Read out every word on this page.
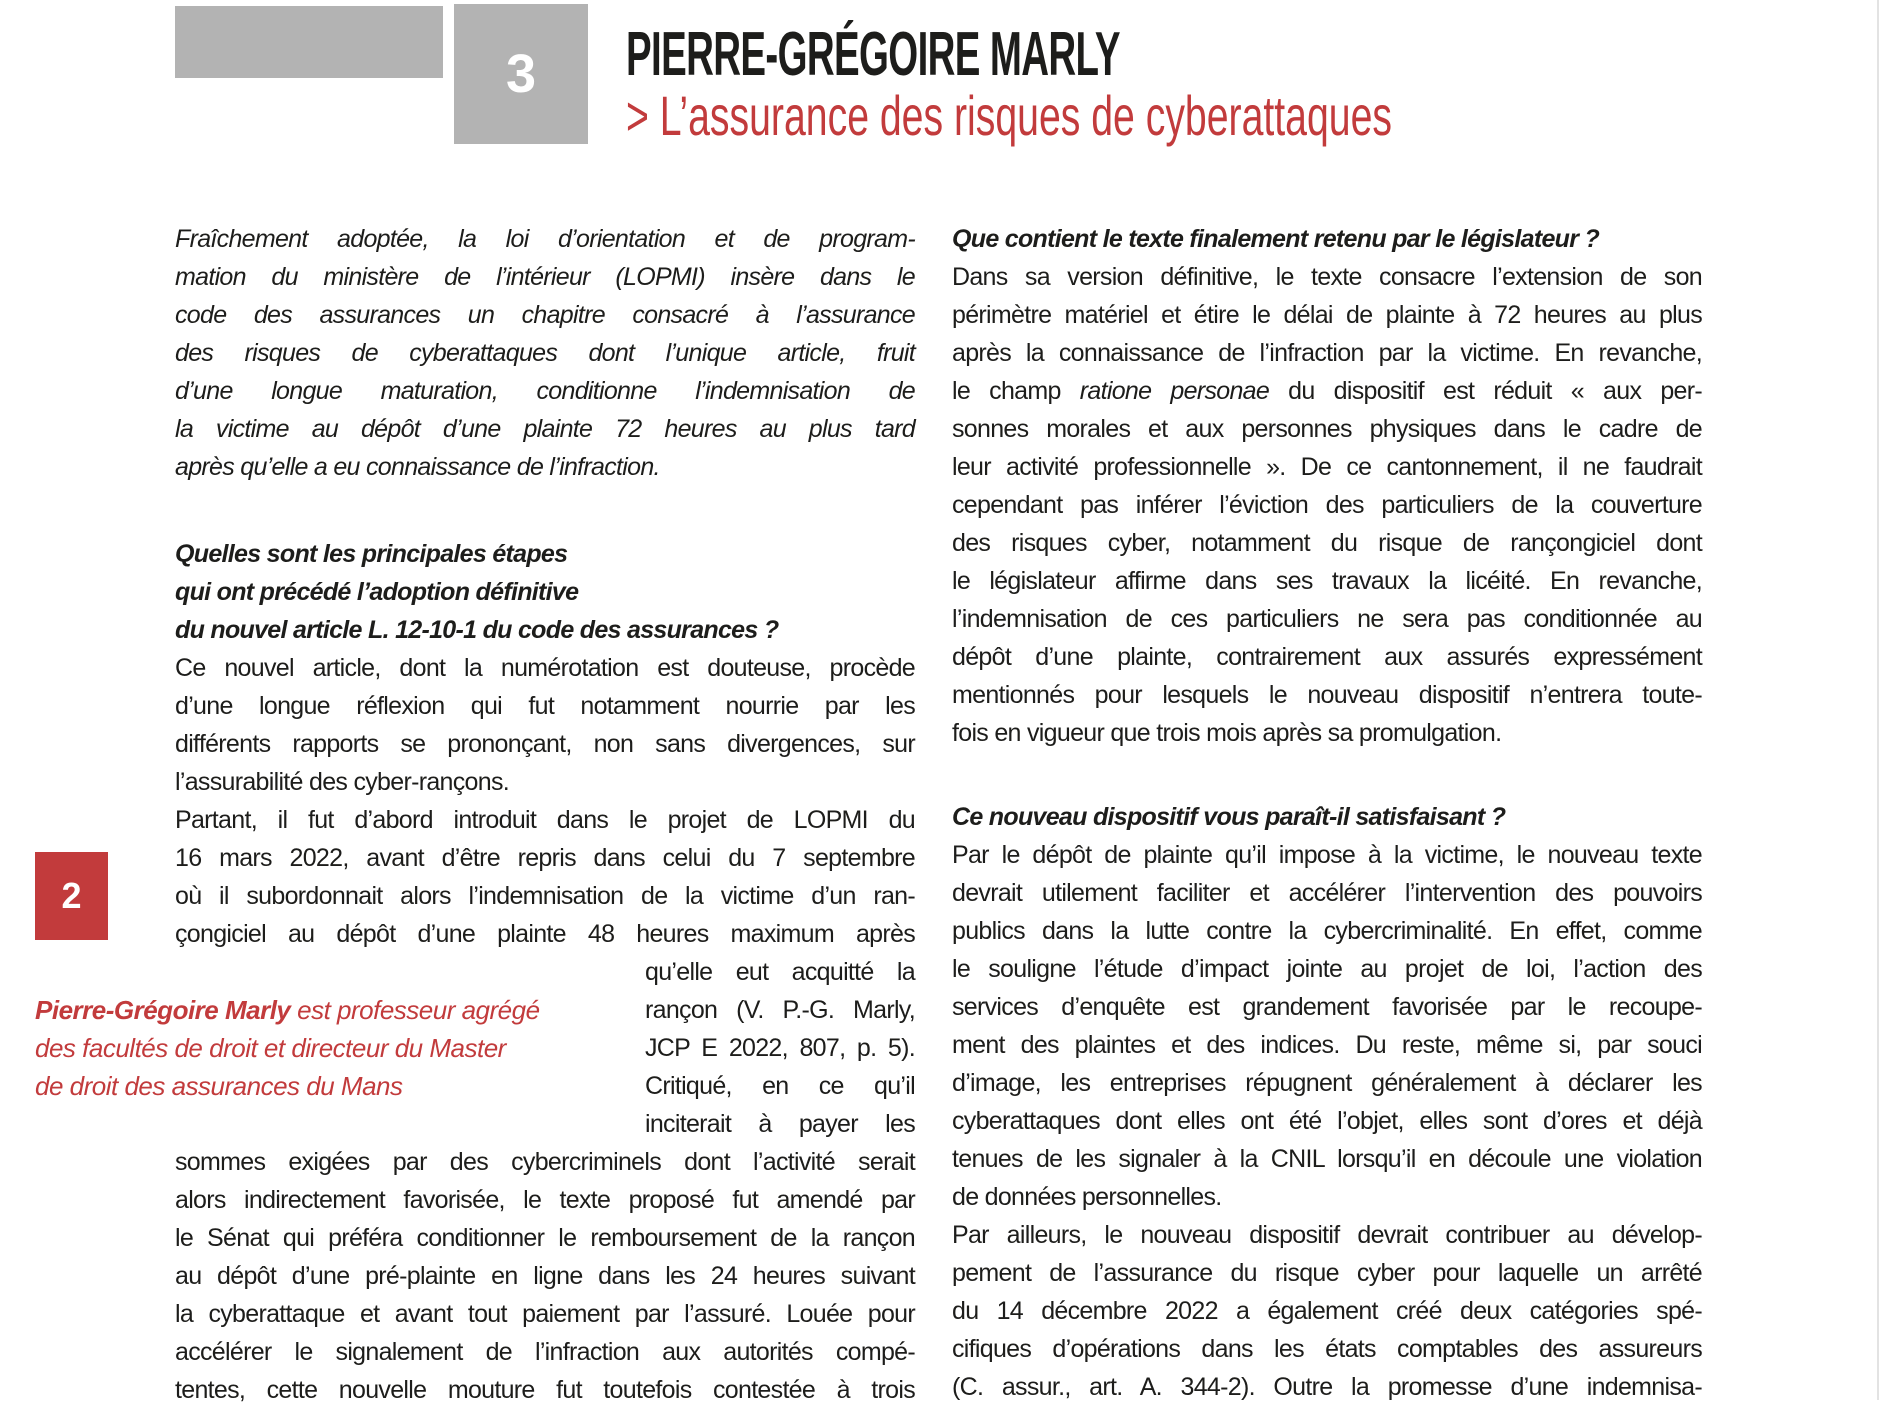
3 PIERRE-GRÉGOIRE MARLY
> L’assurance des risques de cyberattaques
2
Fraîchement adoptée, la loi d’orientation et de program-
mation du ministère de l’intérieur (LOPMI) insère dans le
code des assurances un chapitre consacré à l’assurance
des risques de cyberattaques dont l’unique article, fruit
d’une longue maturation, conditionne l’indemnisation de
la victime au dépôt d’une plainte 72 heures au plus tard
après qu’elle a eu connaissance de l’infraction.
Quelles sont les principales étapes
qui ont précédé l’adoption définitive
du nouvel article L. 12-10-1 du code des assurances ?
Ce nouvel article, dont la numérotation est douteuse, procède
d’une longue réflexion qui fut notamment nourrie par les
différents rapports se prononçant, non sans divergences, sur
l’assurabilité des cyber-rançons.
Partant, il fut d’abord introduit dans le projet de LOPMI du
16 mars 2022, avant d’être repris dans celui du 7 septembre
où il subordonnait alors l’indemnisation de la victime d’un ran-
çongiciel au dépôt d’une plainte 48 heures maximum après
Pierre-Grégoire Marly est professeur agrégé
des facultés de droit et directeur du Master
de droit des assurances du Mans
qu’elle eut acquitté la
rançon (V. P.-G. Marly,
JCP E 2022, 807, p. 5).
Critiqué, en ce qu’il
inciterait à payer les
sommes exigées par des cybercriminels dont l’activité serait
alors indirectement favorisée, le texte proposé fut amendé par
le Sénat qui préféra conditionner le remboursement de la rançon
au dépôt d’une pré-plainte en ligne dans les 24 heures suivant
la cyberattaque et avant tout paiement par l’assuré. Louée pour
accélérer le signalement de l’infraction aux autorités compé-
tentes, cette nouvelle mouture fut toutefois contestée à trois
Que contient le texte finalement retenu par le législateur ?
Dans sa version définitive, le texte consacre l’extension de son
périmètre matériel et étire le délai de plainte à 72 heures au plus
après la connaissance de l’infraction par la victime. En revanche,
le champ ratione personae du dispositif est réduit « aux per-
sonnes morales et aux personnes physiques dans le cadre de
leur activité professionnelle ». De ce cantonnement, il ne faudrait
cependant pas inférer l’éviction des particuliers de la couverture
des risques cyber, notamment du risque de rançongiciel dont
le législateur affirme dans ses travaux la licéité. En revanche,
l’indemnisation de ces particuliers ne sera pas conditionnée au
dépôt d’une plainte, contrairement aux assurés expressément
mentionnés pour lesquels le nouveau dispositif n’entrera toute-
fois en vigueur que trois mois après sa promulgation.
Ce nouveau dispositif vous paraît-il satisfaisant ?
Par le dépôt de plainte qu’il impose à la victime, le nouveau texte
devrait utilement faciliter et accélérer l’intervention des pouvoirs
publics dans la lutte contre la cybercriminalité. En effet, comme
le souligne l’étude d’impact jointe au projet de loi, l’action des
services d’enquête est grandement favorisée par le recoupe-
ment des plaintes et des indices. Du reste, même si, par souci
d’image, les entreprises répugnent généralement à déclarer les
cyberattaques dont elles ont été l’objet, elles sont d’ores et déjà
tenues de les signaler à la CNIL lorsqu’il en découle une violation
de données personnelles.
Par ailleurs, le nouveau dispositif devrait contribuer au dévelop-
pement de l’assurance du risque cyber pour laquelle un arrêté
du 14 décembre 2022 a également créé deux catégories spé-
cifiques d’opérations dans les états comptables des assureurs
(C. assur., art. A. 344-2). Outre la promesse d’une indemnisa-
